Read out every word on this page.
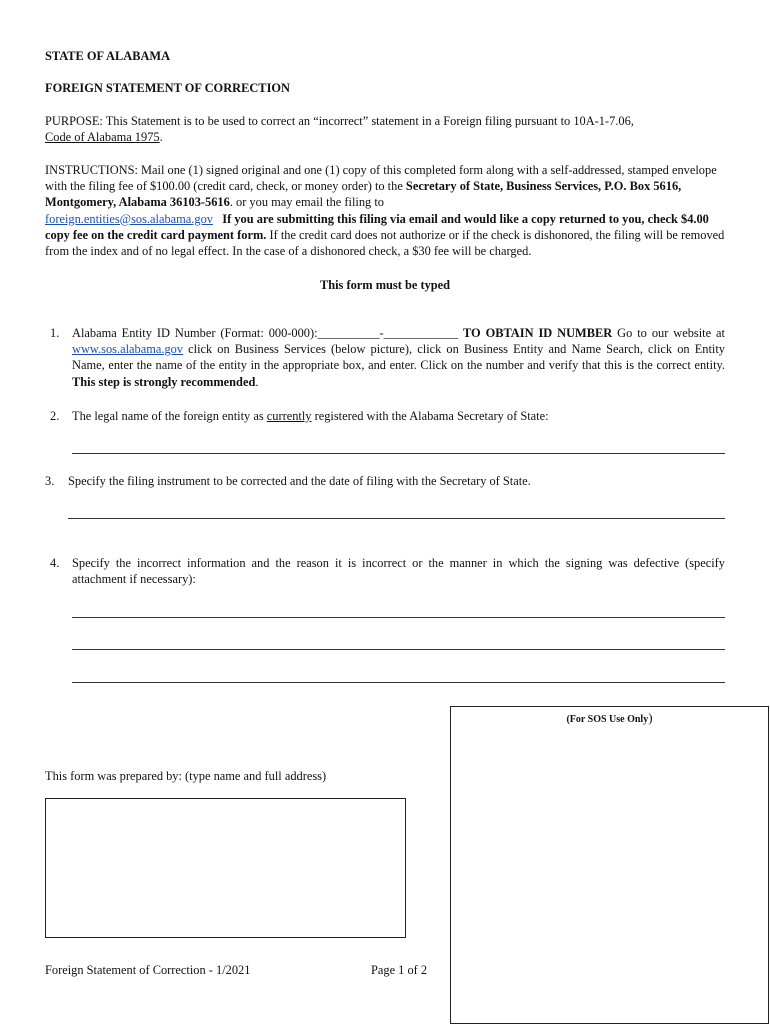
STATE OF ALABAMA
FOREIGN STATEMENT OF CORRECTION
PURPOSE: This Statement is to be used to correct an “incorrect” statement in a Foreign filing pursuant to 10A-1-7.06,
Code of Alabama 1975.
INSTRUCTIONS: Mail one (1) signed original and one (1) copy of this completed form along with a self-addressed, stamped envelope with the filing fee of $100.00 (credit card, check, or money order) to the Secretary of State, Business Services, P.O. Box 5616, Montgomery, Alabama 36103-5616. or you may email the filing to
foreign.entities@sos.alabama.gov If you are submitting this filing via email and would like a copy returned to you, check $4.00 copy fee on the credit card payment form. If the credit card does not authorize or if the check is dishonored, the filing will be removed from the index and of no legal effect. In the case of a dishonored check, a $30 fee will be charged.
This form must be typed
1. Alabama Entity ID Number (Format: 000-000):__________-____________ TO OBTAIN ID NUMBER Go to our website at www.sos.alabama.gov click on Business Services (below picture), click on Business Entity and Name Search, click on Entity Name, enter the name of the entity in the appropriate box, and enter. Click on the number and verify that this is the correct entity. This step is strongly recommended.
2. The legal name of the foreign entity as currently registered with the Alabama Secretary of State:
3. Specify the filing instrument to be corrected and the date of filing with the Secretary of State.
4. Specify the incorrect information and the reason it is incorrect or the manner in which the signing was defective (specify attachment if necessary):
(For SOS Use Only)
This form was prepared by: (type name and full address)
Foreign Statement of Correction - 1/2021	Page 1 of 2
